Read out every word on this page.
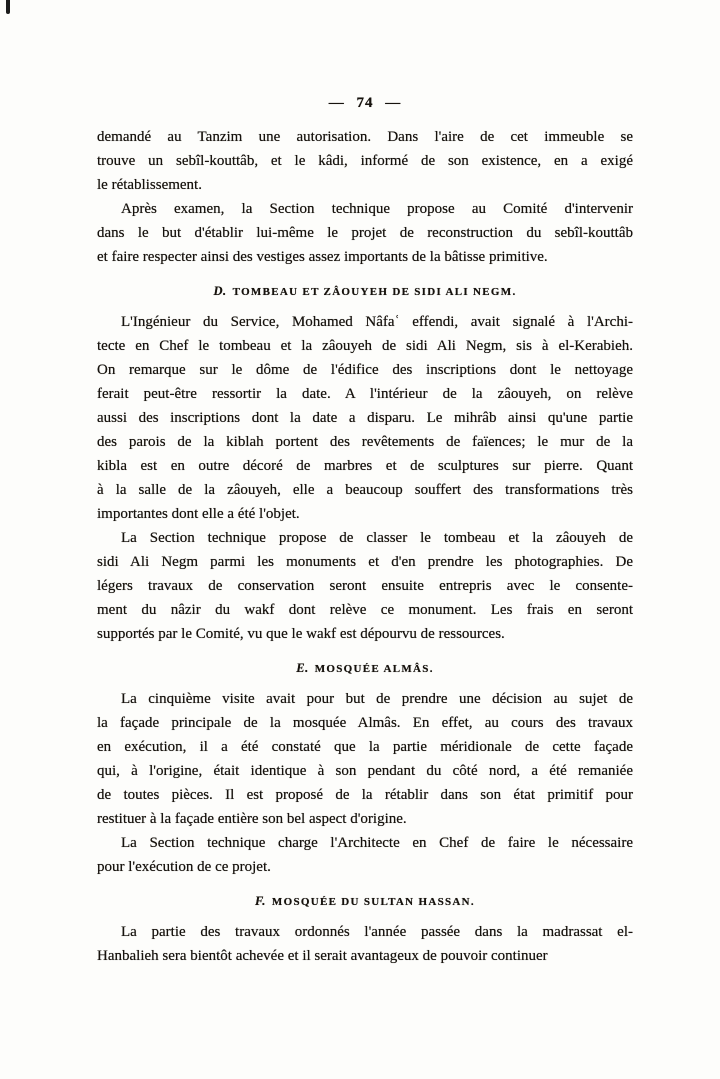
— 74 —
demandé au Tanzim une autorisation. Dans l'aire de cet immeuble se
trouve un sebîl-kouttâb, et le kâdi, informé de son existence, en a exigé
le rétablissement.
Après examen, la Section technique propose au Comité d'intervenir
dans le but d'établir lui-même le projet de reconstruction du sebîl-kouttâb
et faire respecter ainsi des vestiges assez importants de la bâtisse primitive.
D. TOMBEAU ET ZÂOUYEH DE SIDI ALI NEGM.
L'Ingénieur du Service, Mohamed Nâfaʿ effendi, avait signalé à l'Archi-
tecte en Chef le tombeau et la zâouyeh de sidi Ali Negm, sis à el-Kerabieh.
On remarque sur le dôme de l'édifice des inscriptions dont le nettoyage
ferait peut-être ressortir la date. A l'intérieur de la zâouyeh, on relève
aussi des inscriptions dont la date a disparu. Le mihrâb ainsi qu'une partie
des parois de la kiblah portent des revêtements de faïences; le mur de la
kibla est en outre décoré de marbres et de sculptures sur pierre. Quant
à la salle de la zâouyeh, elle a beaucoup souffert des transformations très
importantes dont elle a été l'objet.
La Section technique propose de classer le tombeau et la zâouyeh de
sidi Ali Negm parmi les monuments et d'en prendre les photographies. De
légers travaux de conservation seront ensuite entrepris avec le consente-
ment du nâzir du wakf dont relève ce monument. Les frais en seront
supportés par le Comité, vu que le wakf est dépourvu de ressources.
E. MOSQUÉE ALMÂS.
La cinquième visite avait pour but de prendre une décision au sujet de
la façade principale de la mosquée Almâs. En effet, au cours des travaux
en exécution, il a été constaté que la partie méridionale de cette façade
qui, à l'origine, était identique à son pendant du côté nord, a été remaniée
de toutes pièces. Il est proposé de la rétablir dans son état primitif pour
restituer à la façade entière son bel aspect d'origine.
La Section technique charge l'Architecte en Chef de faire le nécessaire
pour l'exécution de ce projet.
F. MOSQUÉE DU SULTAN HASSAN.
La partie des travaux ordonnés l'année passée dans la madrassat el-
Hanbalieh sera bientôt achevée et il serait avantageux de pouvoir continuer
